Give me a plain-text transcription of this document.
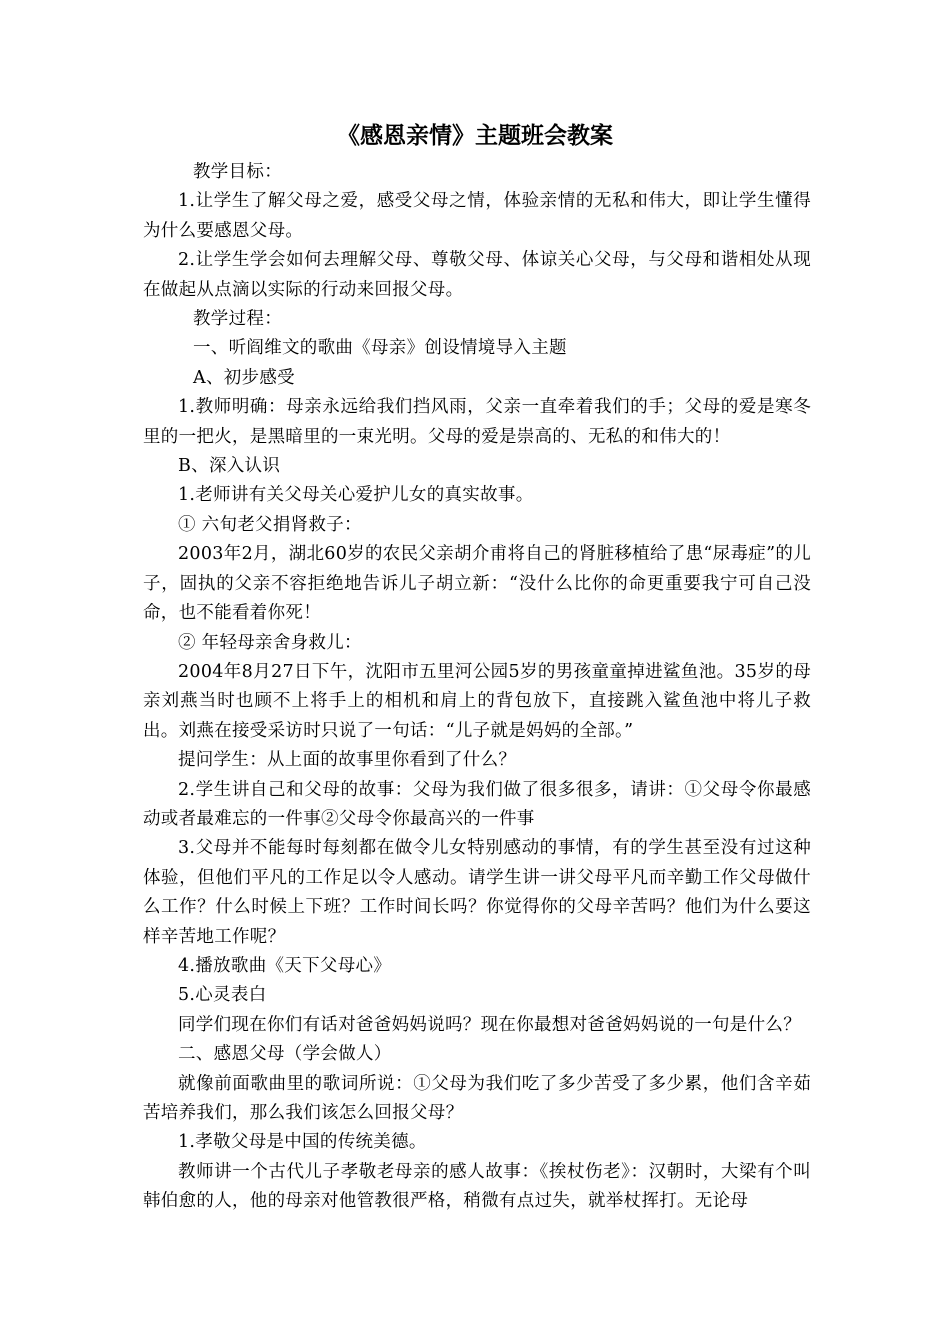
《感恩亲情》主题班会教案

教学目标：

1.让学生了解父母之爱，感受父母之情，体验亲情的无私和伟大，即让学生懂得为什么要感恩父母。

2.让学生学会如何去理解父母、尊敬父母、体谅关心父母，与父母和谐相处从现在做起从点滴以实际的行动来回报父母。

教学过程：

一、听阎维文的歌曲《母亲》创设情境导入主题

A、初步感受

1.教师明确：母亲永远给我们挡风雨，父亲一直牵着我们的手；父母的爱是寒冬里的一把火，是黑暗里的一束光明。父母的爱是崇高的、无私的和伟大的！

B、深入认识

1.老师讲有关父母关心爱护儿女的真实故事。

① 六旬老父捐肾救子：

2003年2月，湖北60岁的农民父亲胡介甫将自己的肾脏移植给了患“尿毒症”的儿子，固执的父亲不容拒绝地告诉儿子胡立新：“没什么比你的命更重要我宁可自己没命，也不能看着你死！

② 年轻母亲舍身救儿：

2004年8月27日下午，沈阳市五里河公园5岁的男孩童童掉进鲨鱼池。35岁的母亲刘燕当时也顾不上将手上的相机和肩上的背包放下，直接跳入鲨鱼池中将儿子救出。刘燕在接受采访时只说了一句话：“儿子就是妈妈的全部。”

提问学生：从上面的故事里你看到了什么？

2.学生讲自己和父母的故事：父母为我们做了很多很多，请讲：①父母令你最感动或者最难忘的一件事②父母令你最高兴的一件事

3.父母并不能每时每刻都在做令儿女特别感动的事情，有的学生甚至没有过这种体验，但他们平凡的工作足以令人感动。请学生讲一讲父母平凡而辛勤工作父母做什么工作？什么时候上下班？工作时间长吗？你觉得你的父母辛苦吗？他们为什么要这样辛苦地工作呢？

4.播放歌曲《天下父母心》

5.心灵表白

同学们现在你们有话对爸爸妈妈说吗？现在你最想对爸爸妈妈说的一句是什么？

二、感恩父母（学会做人）

就像前面歌曲里的歌词所说：①父母为我们吃了多少苦受了多少累，他们含辛茹苦培养我们，那么我们该怎么回报父母？

1.孝敬父母是中国的传统美德。

教师讲一个古代儿子孝敬老母亲的感人故事：《挨杖伤老》：汉朝时，大梁有个叫韩伯愈的人，他的母亲对他管教很严格，稍微有点过失，就举杖挥打。无论母
